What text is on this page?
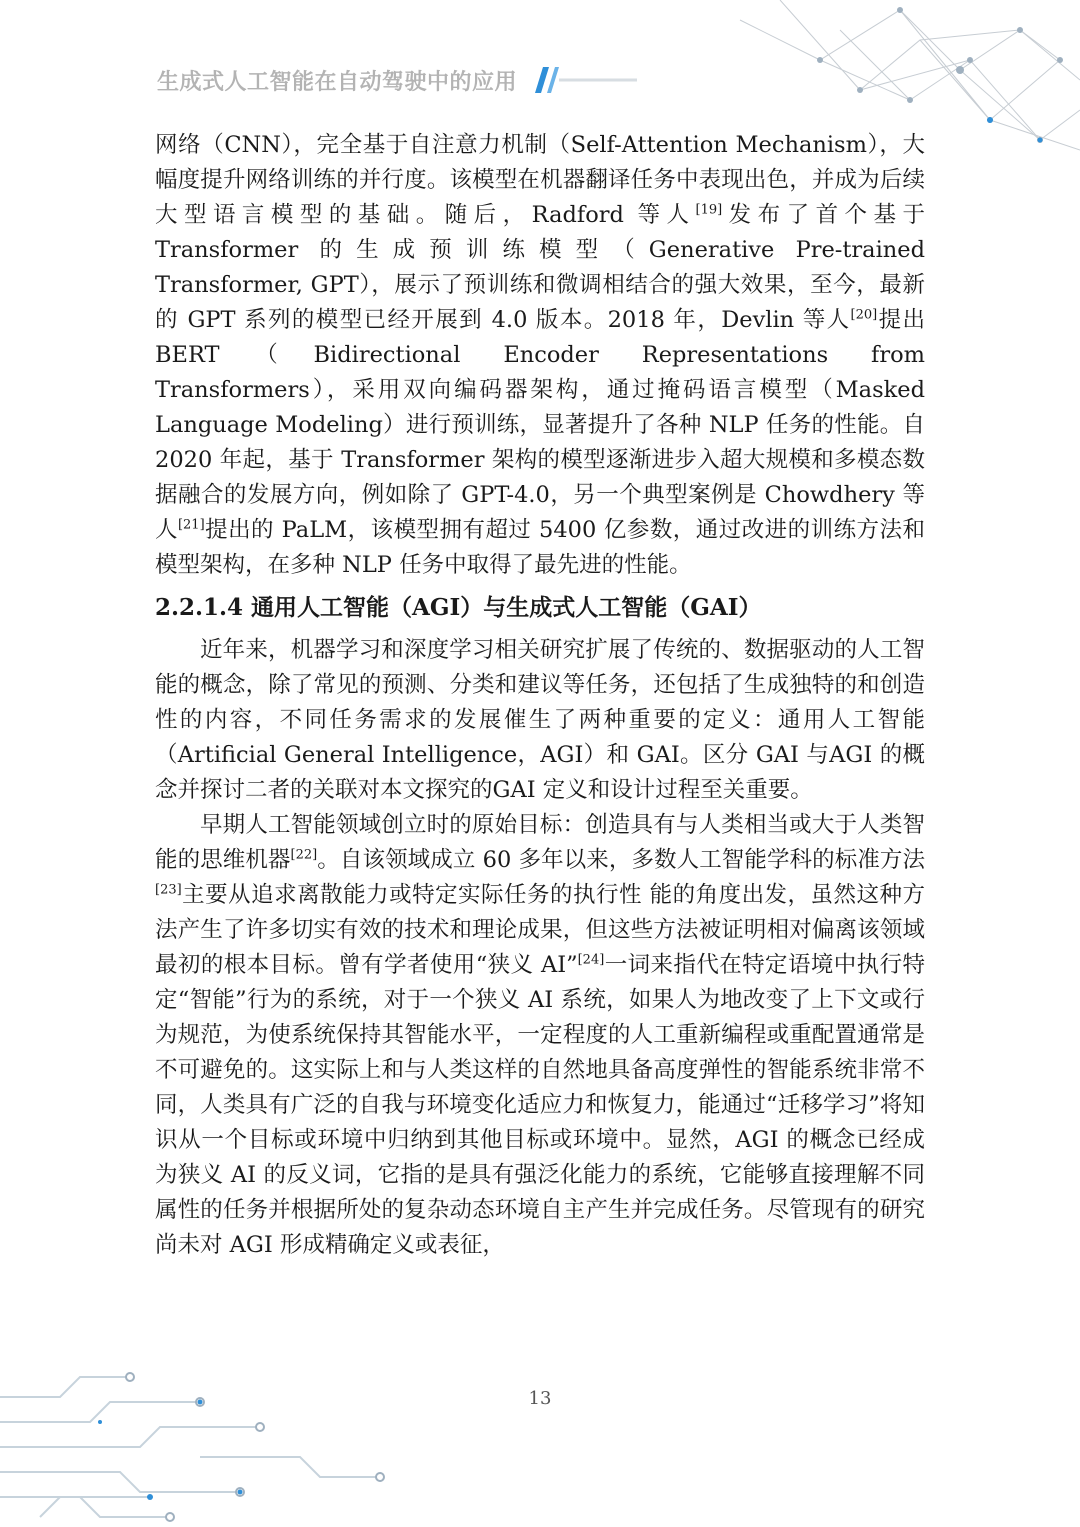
生成式人工智能在自动驾驶中的应用

网络（CNN），完全基于自注意力机制（Self-Attention Mechanism），大幅度提升网络训练的并行度。该模型在机器翻译任务中表现出色，并成为后续大型语言模型的基础。随后，Radford 等人[19]发布了首个基于 Transformer 的生成预训练模型（Generative Pre-trained Transformer, GPT），展示了预训练和微调相结合的强大效果，至今，最新的 GPT 系列的模型已经开展到 4.0 版本。2018 年，Devlin 等人[20]提出 BERT（Bidirectional Encoder Representations from Transformers），采用双向编码器架构，通过掩码语言模型（Masked Language Modeling）进行预训练，显著提升了各种 NLP 任务的性能。自 2020 年起，基于 Transformer 架构的模型逐渐进步入超大规模和多模态数据融合的发展方向，例如除了 GPT-4.0，另一个典型案例是 Chowdhery 等人[21]提出的 PaLM，该模型拥有超过 5400 亿参数，通过改进的训练方法和模型架构，在多种 NLP 任务中取得了最先进的性能。

2.2.1.4 通用人工智能（AGI）与生成式人工智能（GAI）

近年来，机器学习和深度学习相关研究扩展了传统的、数据驱动的人工智能的概念，除了常见的预测、分类和建议等任务，还包括了生成独特的和创造性的内容，不同任务需求的发展催生了两种重要的定义：通用人工智能（Artificial General Intelligence，AGI）和 GAI。区分 GAI 与AGI 的概念并探讨二者的关联对本文探究的GAI 定义和设计过程至关重要。

早期人工智能领域创立时的原始目标：创造具有与人类相当或大于人类智能的思维机器[22]。自该领域成立 60 多年以来，多数人工智能学科的标准方法[23]主要从追求离散能力或特定实际任务的执行性 能的角度出发，虽然这种方法产生了许多切实有效的技术和理论成果，但这些方法被证明相对偏离该领域最初的根本目标。曾有学者使用“狭义 AI”[24]一词来指代在特定语境中执行特定“智能”行为的系统，对于一个狭义 AI 系统，如果人为地改变了上下文或行为规范，为使系统保持其智能水平，一定程度的人工重新编程或重配置通常是不可避免的。这实际上和与人类这样的自然地具备高度弹性的智能系统非常不同，人类具有广泛的自我与环境变化适应力和恢复力，能通过“迁移学习”将知识从一个目标或环境中归纳到其他目标或环境中。显然，AGI 的概念已经成为狭义 AI 的反义词，它指的是具有强泛化能力的系统，它能够直接理解不同属性的任务并根据所处的复杂动态环境自主产生并完成任务。尽管现有的研究尚未对 AGI 形成精确定义或表征，

13
